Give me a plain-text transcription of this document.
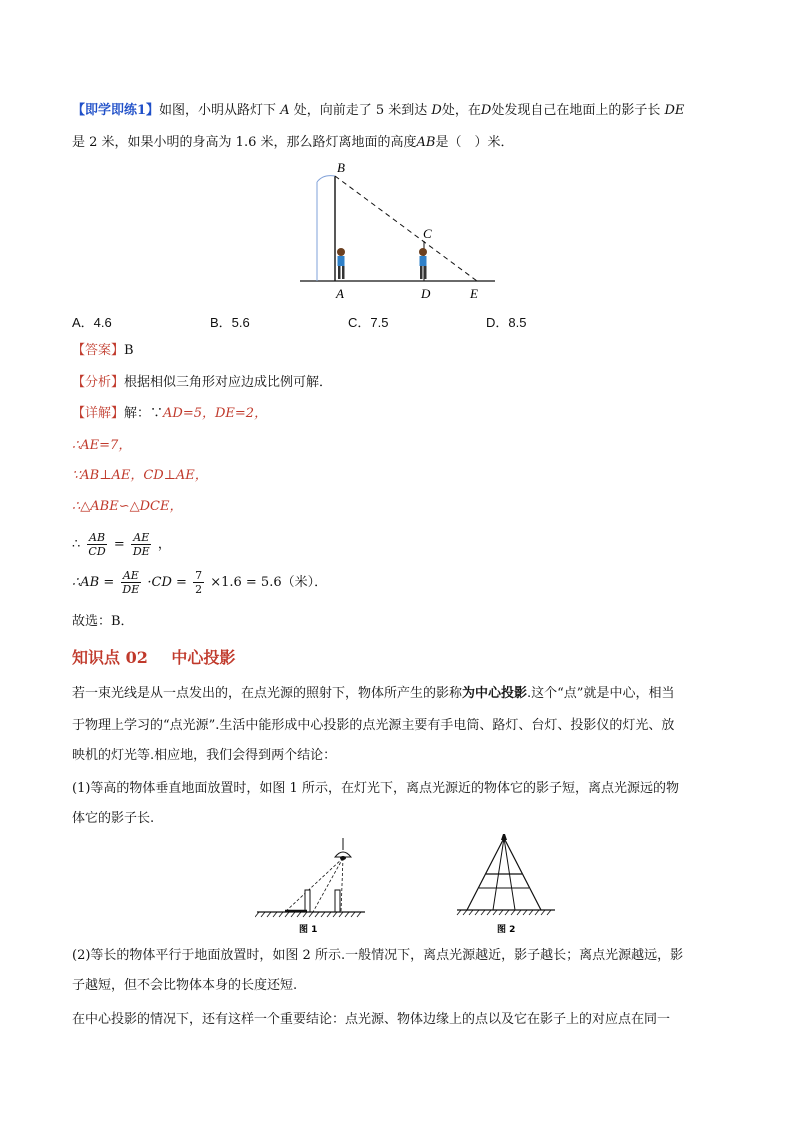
【即学即练1】如图，小明从路灯下 A 处，向前走了 5 米到达 D处，在D处发现自己在地面上的影子长 DE
是 2 米，如果小明的身高为 1.6 米，那么路灯离地面的高度AB是（　）米．
B
C
A	D	E
A．4.6	B．5.6	C．7.5	D．8.5
【答案】B
【分析】根据相似三角形对应边成比例可解．
【详解】解：∵AD=5，DE=2，
∴AE=7，
∵AB⊥AE，CD⊥AE，
∴△ABE∽△DCE，
∴ $\frac{AB}{CD} = \frac{AE}{DE}$ ，
∴AB = $\frac{AE}{DE} \cdot CD = \frac{7}{2} \times 1.6 = 5.6$（米）．
故选：B．
知识点 02 中心投影
若一束光线是从一点发出的，在点光源的照射下，物体所产生的影称为中心投影.这个“点”就是中心，相当
于物理上学习的“点光源”.生活中能形成中心投影的点光源主要有手电筒、路灯、台灯、投影仪的灯光、放
映机的灯光等.相应地，我们会得到两个结论：
(1)等高的物体垂直地面放置时，如图 1 所示，在灯光下，离点光源近的物体它的影子短，离点光源远的物
体它的影子长.
图 1	图 2
(2)等长的物体平行于地面放置时，如图 2 所示.一般情况下，离点光源越近，影子越长；离点光源越远，影
子越短，但不会比物体本身的长度还短.
在中心投影的情况下，还有这样一个重要结论：点光源、物体边缘上的点以及它在影子上的对应点在同一
